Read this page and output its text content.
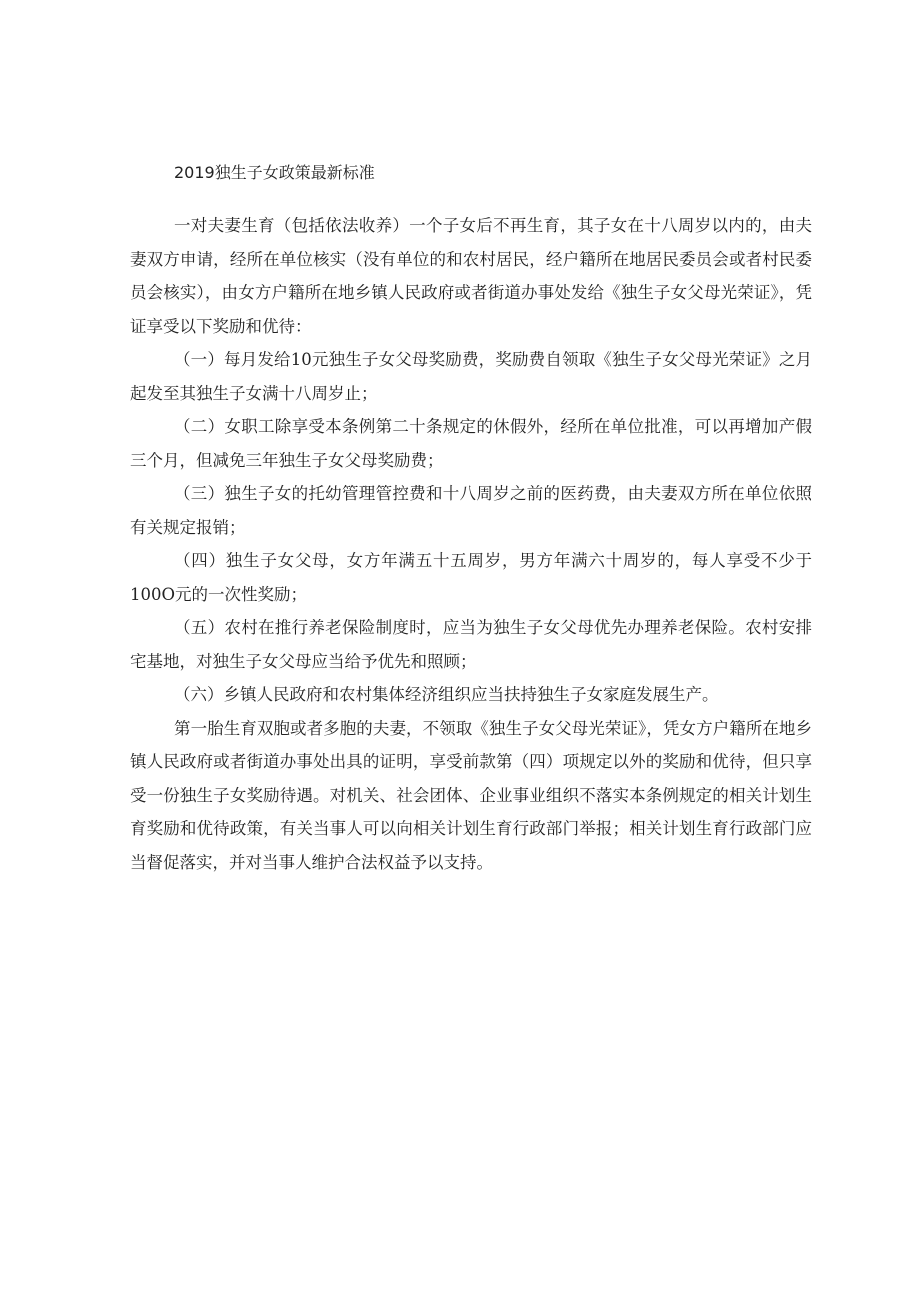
2019独生子女政策最新标准

一对夫妻生育（包括依法收养）一个子女后不再生育，其子女在十八周岁以内的，由夫妻双方申请，经所在单位核实（没有单位的和农村居民，经户籍所在地居民委员会或者村民委员会核实），由女方户籍所在地乡镇人民政府或者街道办事处发给《独生子女父母光荣证》，凭证享受以下奖励和优待：

（一）每月发给10元独生子女父母奖励费，奖励费自领取《独生子女父母光荣证》之月起发至其独生子女满十八周岁止；

（二）女职工除享受本条例第二十条规定的休假外，经所在单位批准，可以再增加产假三个月，但减免三年独生子女父母奖励费；

（三）独生子女的托幼管理管控费和十八周岁之前的医药费，由夫妻双方所在单位依照有关规定报销；

（四）独生子女父母，女方年满五十五周岁，男方年满六十周岁的，每人享受不少于100O元的一次性奖励；

（五）农村在推行养老保险制度时，应当为独生子女父母优先办理养老保险。农村安排宅基地，对独生子女父母应当给予优先和照顾；

（六）乡镇人民政府和农村集体经济组织应当扶持独生子女家庭发展生产。

第一胎生育双胞或者多胞的夫妻，不领取《独生子女父母光荣证》，凭女方户籍所在地乡镇人民政府或者街道办事处出具的证明，享受前款第（四）项规定以外的奖励和优待，但只享受一份独生子女奖励待遇。对机关、社会团体、企业事业组织不落实本条例规定的相关计划生育奖励和优待政策，有关当事人可以向相关计划生育行政部门举报；相关计划生育行政部门应当督促落实，并对当事人维护合法权益予以支持。
